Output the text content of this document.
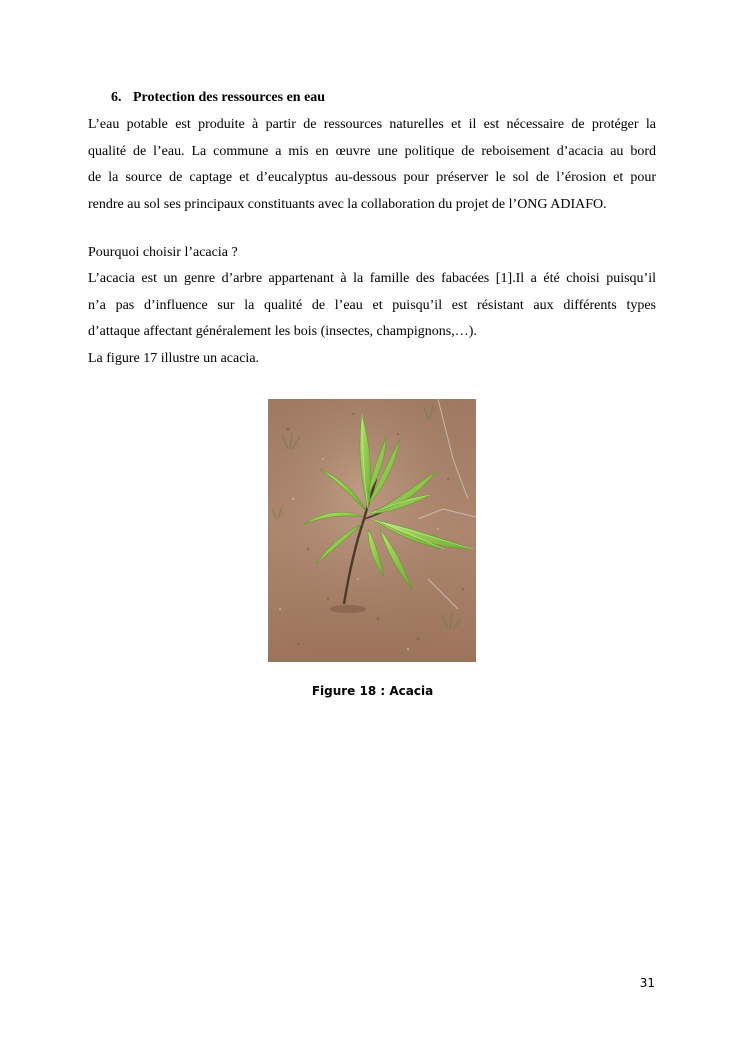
6. Protection des ressources en eau
L’eau potable est produite à partir de ressources naturelles et il est nécessaire de protéger la
qualité de l’eau. La commune a mis en œuvre une politique de reboisement d’acacia au bord
de la source de captage et d’eucalyptus au-dessous pour préserver le sol de l’érosion et pour
rendre au sol ses principaux constituants avec la collaboration du projet de l’ONG ADIAFO.
Pourquoi choisir l’acacia ?
L’acacia est un genre d’arbre appartenant à la famille des fabacées [1].Il a été choisi puisqu’il
n’a pas d’influence sur la qualité de l’eau et puisqu’il est résistant aux différents types
d’attaque affectant généralement les bois (insectes, champignons,…).
La figure 17 illustre un acacia.
Figure 18 : Acacia
31
